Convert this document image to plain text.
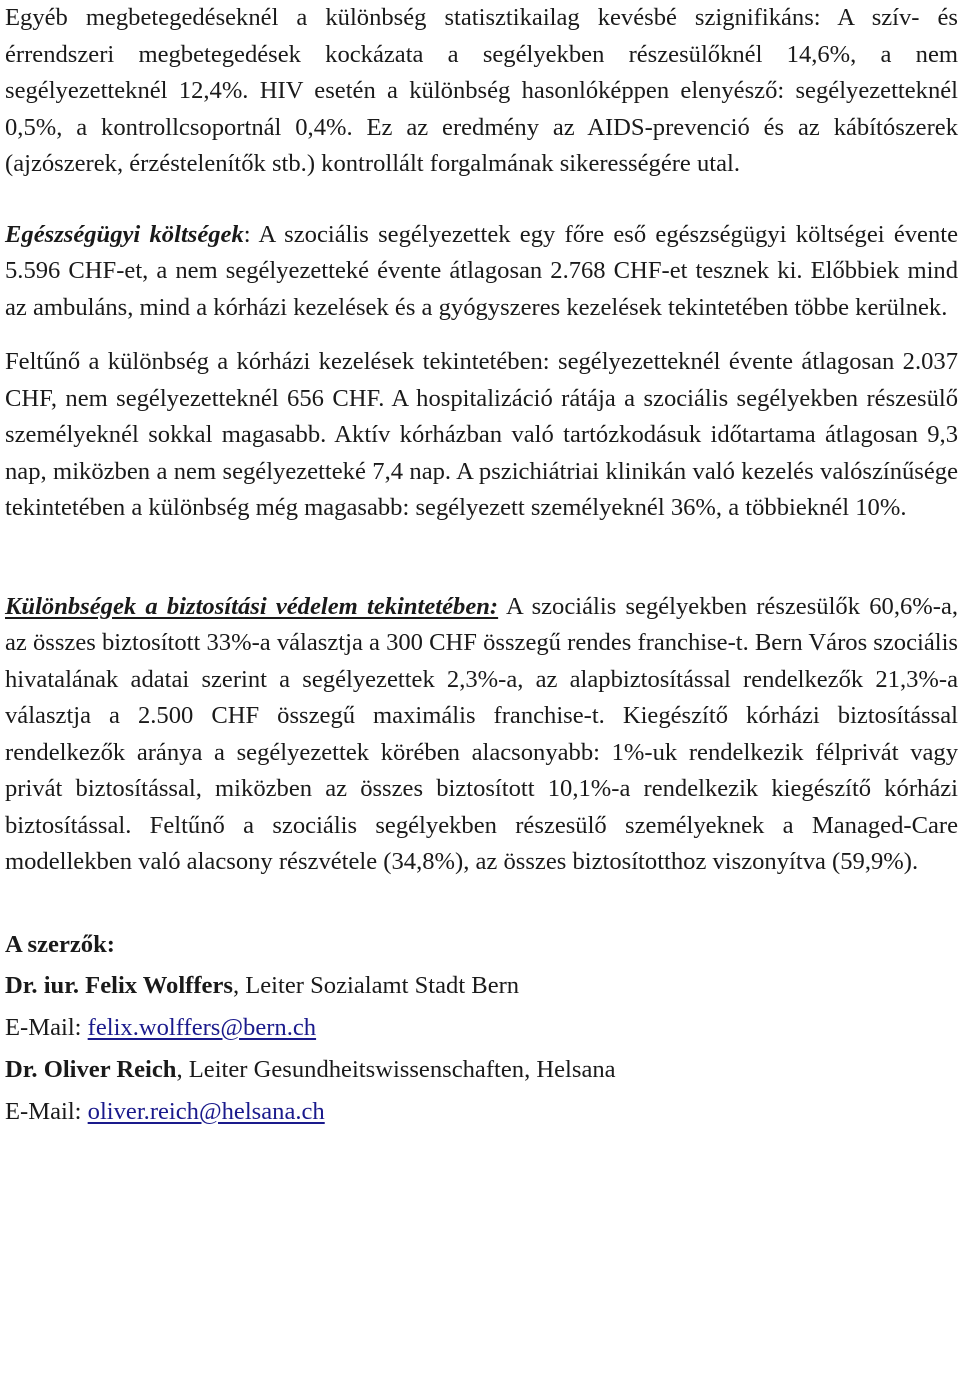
Egyéb megbetegedéseknél a különbség statisztikailag kevésbé szignifikáns: A szív- és érrendszeri megbetegedések kockázata a segélyekben részesülőknél 14,6%, a nem segélyezetteknél 12,4%. HIV esetén a különbség hasonlóképpen elenyésző: segélyezetteknél 0,5%, a kontrollcsoportnál 0,4%. Ez az eredmény az AIDS-prevenció és az kábítószerek (ajzószerek, érzéstelenítők stb.) kontrollált forgalmának sikerességére utal.

Egészségügyi költségek: A szociális segélyezettek egy főre eső egészségügyi költségei évente 5.596 CHF-et, a nem segélyezetteké évente átlagosan 2.768 CHF-et tesznek ki. Előbbiek mind az ambuláns, mind a kórházi kezelések és a gyógyszeres kezelések tekintetében többe kerülnek.

Feltűnő a különbség a kórházi kezelések tekintetében: segélyezetteknél évente átlagosan 2.037 CHF, nem segélyezetteknél 656 CHF. A hospitalizáció rátája a szociális segélyekben részesülő személyeknél sokkal magasabb. Aktív kórházban való tartózkodásuk időtartama átlagosan 9,3 nap, miközben a nem segélyezetteké 7,4 nap. A pszichiátriai klinikán való kezelés valószínűsége tekintetében a különbség még magasabb: segélyezett személyeknél 36%, a többieknél 10%.

Különbségek a biztosítási védelem tekintetében: A szociális segélyekben részesülők 60,6%-a, az összes biztosított 33%-a választja a 300 CHF összegű rendes franchise-t. Bern Város szociális hivatalának adatai szerint a segélyezettek 2,3%-a, az alapbiztosítással rendelkezők 21,3%-a választja a 2.500 CHF összegű maximális franchise-t. Kiegészítő kórházi biztosítással rendelkezők aránya a segélyezettek körében alacsonyabb: 1%-uk rendelkezik félprivát vagy privát biztosítással, miközben az összes biztosított 10,1%-a rendelkezik kiegészítő kórházi biztosítással. Feltűnő a szociális segélyekben részesülő személyeknek a Managed-Care modellekben való alacsony részvétele (34,8%), az összes biztosítotthoz viszonyítva (59,9%).

A szerzők:

Dr. iur. Felix Wolffers, Leiter Sozialamt Stadt Bern

E-Mail: felix.wolffers@bern.ch

Dr. Oliver Reich, Leiter Gesundheitswissenschaften, Helsana

E-Mail: oliver.reich@helsana.ch
